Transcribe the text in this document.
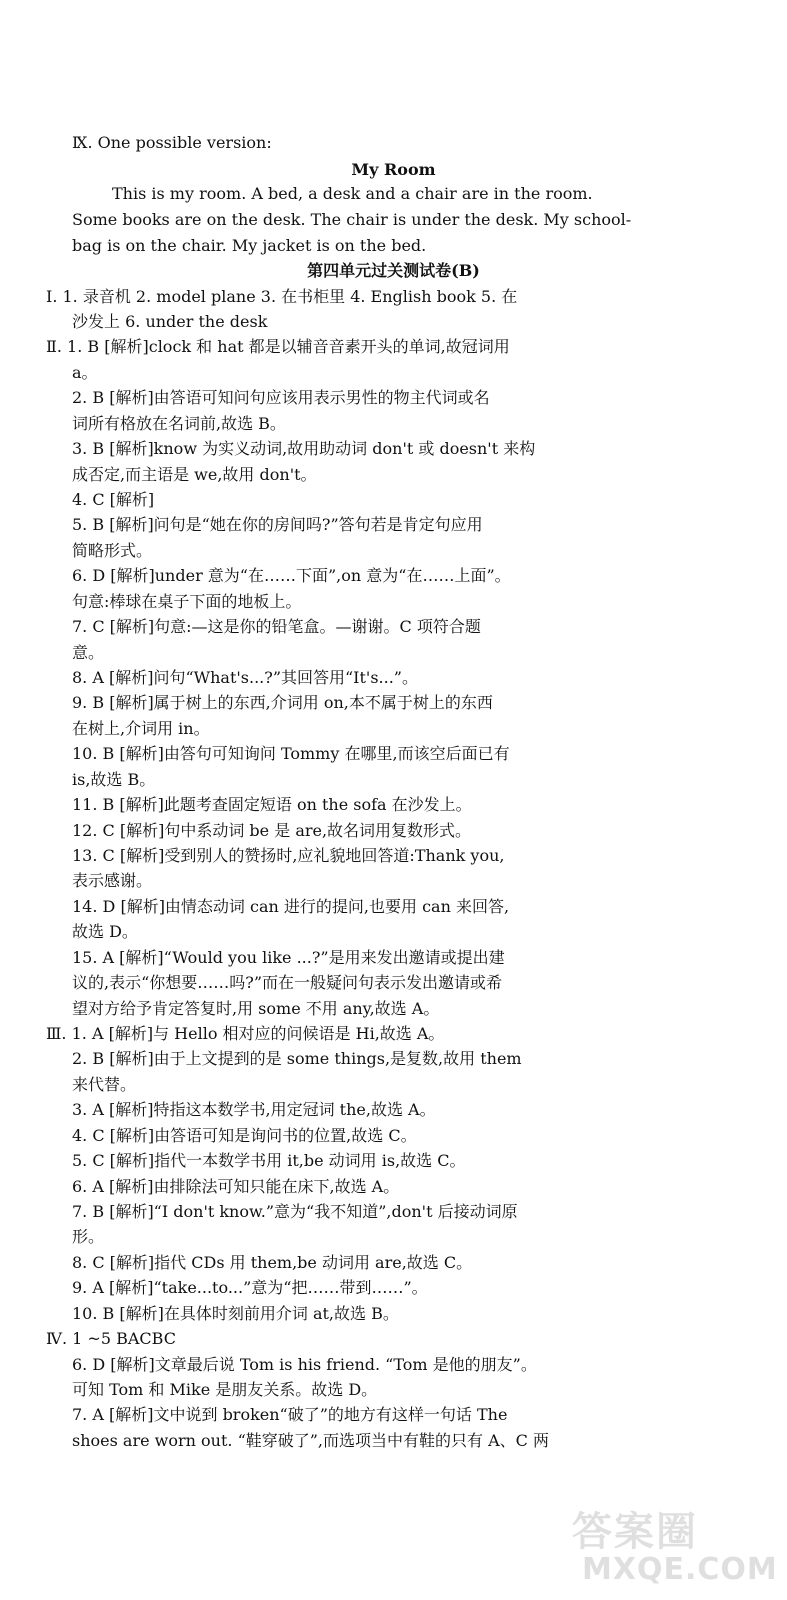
Ⅸ. One possible version:
My Room
This is my room. A bed, a desk and a chair are in the room.
Some books are on the desk. The chair is under the desk. My school-
bag is on the chair. My jacket is on the bed.
第四单元过关测试卷(B)
Ⅰ. 1. 录音机 2. model plane 3. 在书柜里 4. English book 5. 在
沙发上 6. under the desk
Ⅱ. 1. B [解析]clock 和 hat 都是以辅音音素开头的单词,故冠词用
a。
2. B [解析]由答语可知问句应该用表示男性的物主代词或名
词所有格放在名词前,故选 B。
3. B [解析]know 为实义动词,故用助动词 don't 或 doesn't 来构
成否定,而主语是 we,故用 don't。
4. C [解析]
5. B [解析]问句是“她在你的房间吗?”答句若是肯定句应用
简略形式。
6. D [解析]under 意为“在……下面”,on 意为“在……上面”。
句意:棒球在桌子下面的地板上。
7. C [解析]句意:—这是你的铅笔盒。—谢谢。C 项符合题
意。
8. A [解析]问句“What's...?”其回答用“It's...”。
9. B [解析]属于树上的东西,介词用 on,本不属于树上的东西
在树上,介词用 in。
10. B [解析]由答句可知询问 Tommy 在哪里,而该空后面已有
is,故选 B。
11. B [解析]此题考查固定短语 on the sofa 在沙发上。
12. C [解析]句中系动词 be 是 are,故名词用复数形式。
13. C [解析]受到别人的赞扬时,应礼貌地回答道:Thank you,
表示感谢。
14. D [解析]由情态动词 can 进行的提问,也要用 can 来回答,
故选 D。
15. A [解析]“Would you like ...?”是用来发出邀请或提出建
议的,表示“你想要……吗?”而在一般疑问句表示发出邀请或希
望对方给予肯定答复时,用 some 不用 any,故选 A。
Ⅲ. 1. A [解析]与 Hello 相对应的问候语是 Hi,故选 A。
2. B [解析]由于上文提到的是 some things,是复数,故用 them
来代替。
3. A [解析]特指这本数学书,用定冠词 the,故选 A。
4. C [解析]由答语可知是询问书的位置,故选 C。
5. C [解析]指代一本数学书用 it,be 动词用 is,故选 C。
6. A [解析]由排除法可知只能在床下,故选 A。
7. B [解析]“I don't know.”意为“我不知道”,don't 后接动词原
形。
8. C [解析]指代 CDs 用 them,be 动词用 are,故选 C。
9. A [解析]“take...to...”意为“把……带到……”。
10. B [解析]在具体时刻前用介词 at,故选 B。
Ⅳ. 1 ~5 BACBC
6. D [解析]文章最后说 Tom is his friend. “Tom 是他的朋友”。
可知 Tom 和 Mike 是朋友关系。故选 D。
7. A [解析]文中说到 broken“破了”的地方有这样一句话 The
shoes are worn out. “鞋穿破了”,而选项当中有鞋的只有 A、C 两
答案圈
MXQE.COM
